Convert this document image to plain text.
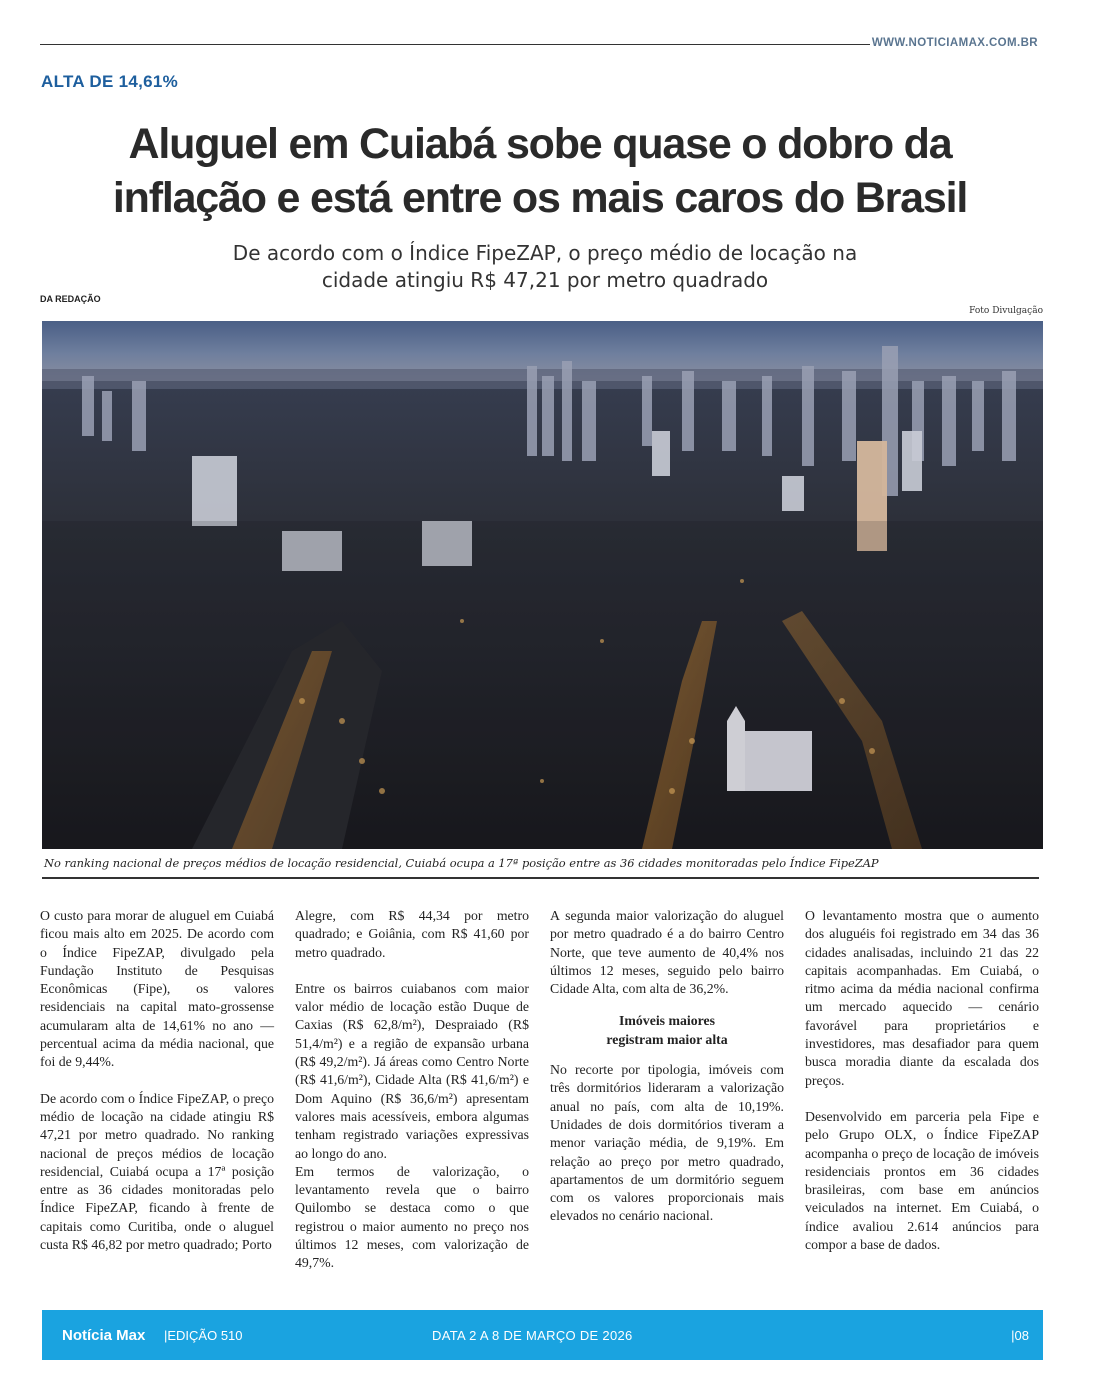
WWW.NOTICIAMAX.COM.BR
ALTA DE 14,61%
Aluguel em Cuiabá sobe quase o dobro da
inflação e está entre os mais caros do Brasil

De acordo com o Índice FipeZAP, o preço médio de locação na
cidade atingiu R$ 47,21 por metro quadrado

DA REDAÇÃO
Foto Divulgação
No ranking nacional de preços médios de locação residencial, Cuiabá ocupa a 17ª posição entre as 36 cidades monitoradas pelo Índice FipeZAP

O custo para morar de aluguel em Cuiabá ficou mais alto em 2025. De acordo com o Índice FipeZAP, divulgado pela Fundação Instituto de Pesquisas Econômicas (Fipe), os valores residenciais na capital mato-grossense acumularam alta de 14,61% no ano — percentual acima da média nacional, que foi de 9,44%.

De acordo com o Índice FipeZAP, o preço médio de locação na cidade atingiu R$ 47,21 por metro quadrado. No ranking nacional de preços médios de locação residencial, Cuiabá ocupa a 17ª posição entre as 36 cidades monitoradas pelo Índice FipeZAP, ficando à frente de capitais como Curitiba, onde o aluguel custa R$ 46,82 por metro quadrado; Porto

Alegre, com R$ 44,34 por metro quadrado; e Goiânia, com R$ 41,60 por metro quadrado.

Entre os bairros cuiabanos com maior valor médio de locação estão Duque de Caxias (R$ 62,8/m²), Despraiado (R$ 51,4/m²) e a região de expansão urbana (R$ 49,2/m²). Já áreas como Centro Norte (R$ 41,6/m²), Cidade Alta (R$ 41,6/m²) e Dom Aquino (R$ 36,6/m²) apresentam valores mais acessíveis, embora algumas tenham registrado variações expressivas ao longo do ano.

Em termos de valorização, o levantamento revela que o bairro Quilombo se destaca como o que registrou o maior aumento no preço nos últimos 12 meses, com valorização de 49,7%.

A segunda maior valorização do aluguel por metro quadrado é a do bairro Centro Norte, que teve aumento de 40,4% nos últimos 12 meses, seguido pelo bairro Cidade Alta, com alta de 36,2%.

Imóveis maiores
registram maior alta

No recorte por tipologia, imóveis com três dormitórios lideraram a valorização anual no país, com alta de 10,19%. Unidades de dois dormitórios tiveram a menor variação média, de 9,19%. Em relação ao preço por metro quadrado, apartamentos de um dormitório seguem com os valores proporcionais mais elevados no cenário nacional.

O levantamento mostra que o aumento dos aluguéis foi registrado em 34 das 36 cidades analisadas, incluindo 21 das 22 capitais acompanhadas. Em Cuiabá, o ritmo acima da média nacional confirma um mercado aquecido — cenário favorável para proprietários e investidores, mas desafiador para quem busca moradia diante da escalada dos preços.

Desenvolvido em parceria pela Fipe e pelo Grupo OLX, o Índice FipeZAP acompanha o preço de locação de imóveis residenciais prontos em 36 cidades brasileiras, com base em anúncios veiculados na internet. Em Cuiabá, o índice avaliou 2.614 anúncios para compor a base de dados.

Notícia Max |EDIÇÃO 510	DATA 2 A 8 DE MARÇO DE 2026	|08
